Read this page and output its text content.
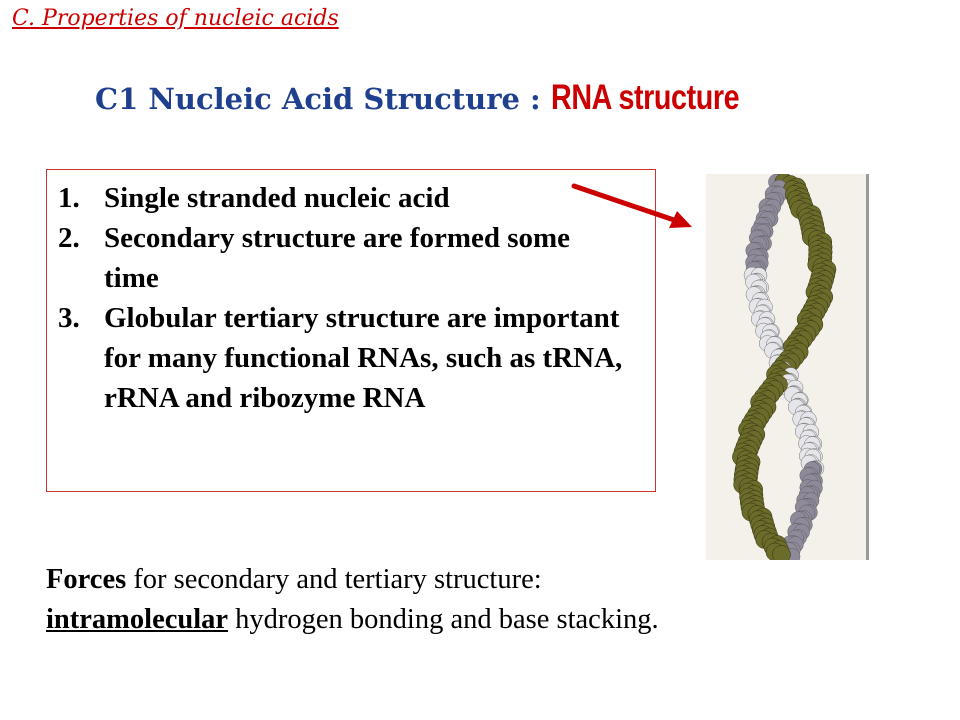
C. Properties of nucleic acids
C1 Nucleic Acid Structure : RNA structure
1. Single stranded nucleic acid
2. Secondary structure are formed some time
3. Globular tertiary structure are important for many functional RNAs, such as tRNA, rRNA and ribozyme RNA
Forces for secondary and tertiary structure:
intramolecular hydrogen bonding and base stacking.
